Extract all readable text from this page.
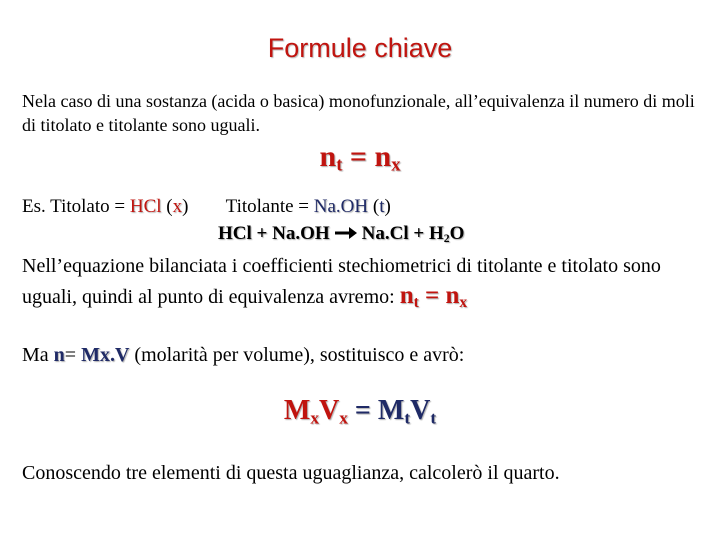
Formule chiave
Nela caso di una sostanza (acida o basica) monofunzionale, all’equivalenza il numero di moli di titolato e titolante sono uguali.
$n_t = n_x$
Es. Titolato = HCl (x)  Titolante = Na.OH (t)
HCl + Na.OH $Na.Cl + H_2O$
Nell’equazione bilanciata i coefficienti stechiometrici di titolante e titolato sono uguali, quindi al punto di equivalenza avremo: $n_t = n_x$
Ma n= Mx.V (molarità per volume), sostituisco e avrò:
$M_xV_x = M_tV_t$
Conoscendo tre elementi di questa uguaglianza, calcolerò il quarto.
